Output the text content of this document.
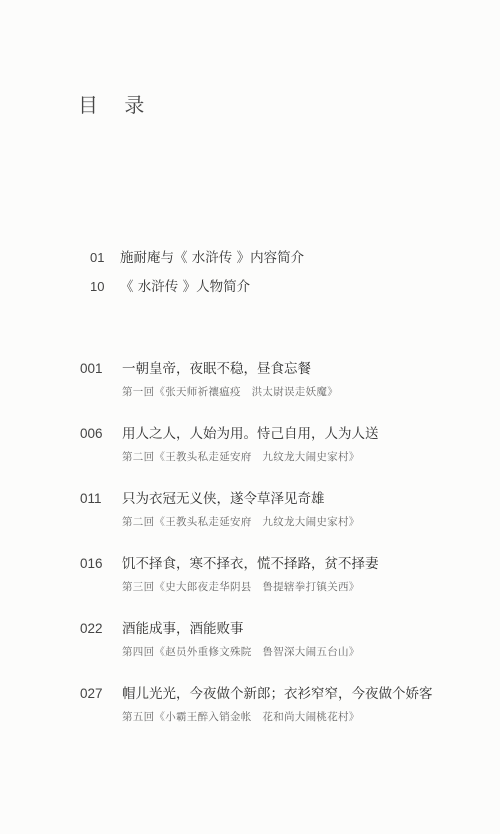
目 录
01	施耐庵与《 水浒传 》内容简介
10	《 水浒传 》人物简介
001	一朝皇帝，夜眠不稳，昼食忘餐
第一回《张天师祈禳瘟疫　洪太尉误走妖魔》
006	用人之人，人始为用。恃己自用，人为人送
第二回《王教头私走延安府　九纹龙大闹史家村》
011	只为衣冠无义侠，遂令草泽见奇雄
第二回《王教头私走延安府　九纹龙大闹史家村》
016	饥不择食，寒不择衣，慌不择路，贫不择妻
第三回《史大郎夜走华阴县　鲁提辖拳打镇关西》
022	酒能成事，酒能败事
第四回《赵员外重修文殊院　鲁智深大闹五台山》
027	帽儿光光，今夜做个新郎；衣衫窄窄，今夜做个娇客
第五回《小霸王醉入销金帐　花和尚大闹桃花村》
